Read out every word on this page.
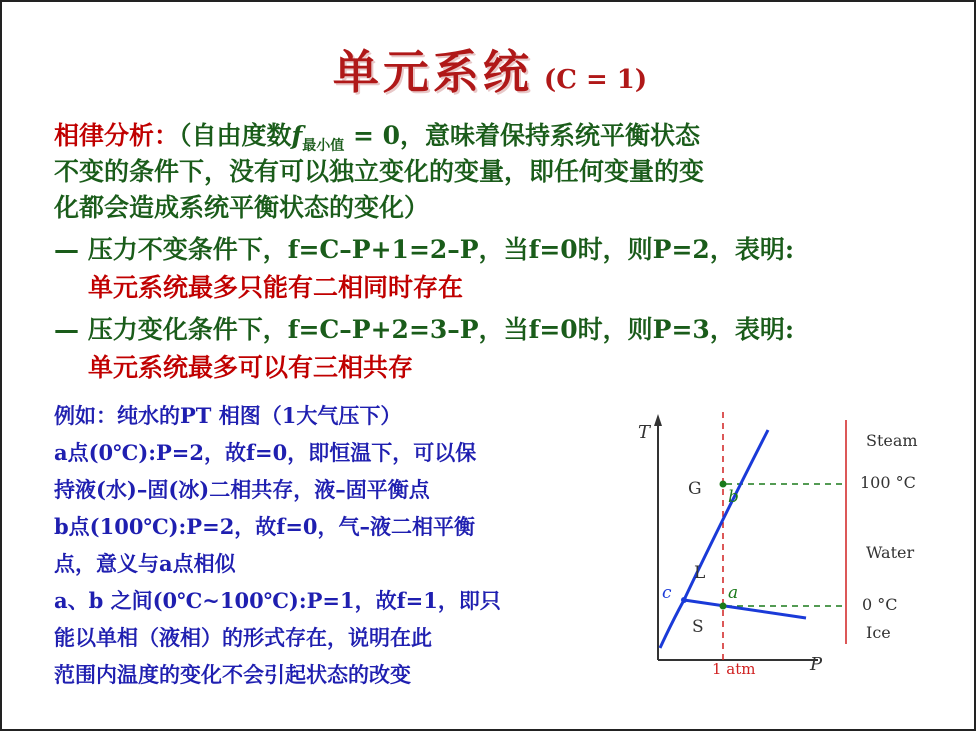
单元系统 (C = 1)
相律分析：（自由度数$f_{最小值} = 0$，意味着保持系统平衡状态
不变的条件下，没有可以独立变化的变量，即任何变量的变
化都会造成系统平衡状态的变化）
— 压力不变条件下，f=C–P+1=2–P，当f=0时，则P=2，表明:
单元系统最多只能有二相同时存在
— 压力变化条件下，f=C–P+2=3–P，当f=0时，则P=3，表明:
单元系统最多可以有三相共存
例如：纯水的PT 相图（1大气压下）
a点(0℃):P=2，故f=0，即恒温下，可以保
持液(水)–固(冰)二相共存，液–固平衡点
b点(100℃):P=2，故f=0，气–液二相平衡
点，意义与a点相似
a、b 之间(0℃~100℃):P=1，故f=1，即只
能以单相（液相）的形式存在，说明在此
范围内温度的变化不会引起状态的改变
T
P
1 atm
c	a
b
G
L
S
Steam
100 °C
Water
0 °C
Ice
